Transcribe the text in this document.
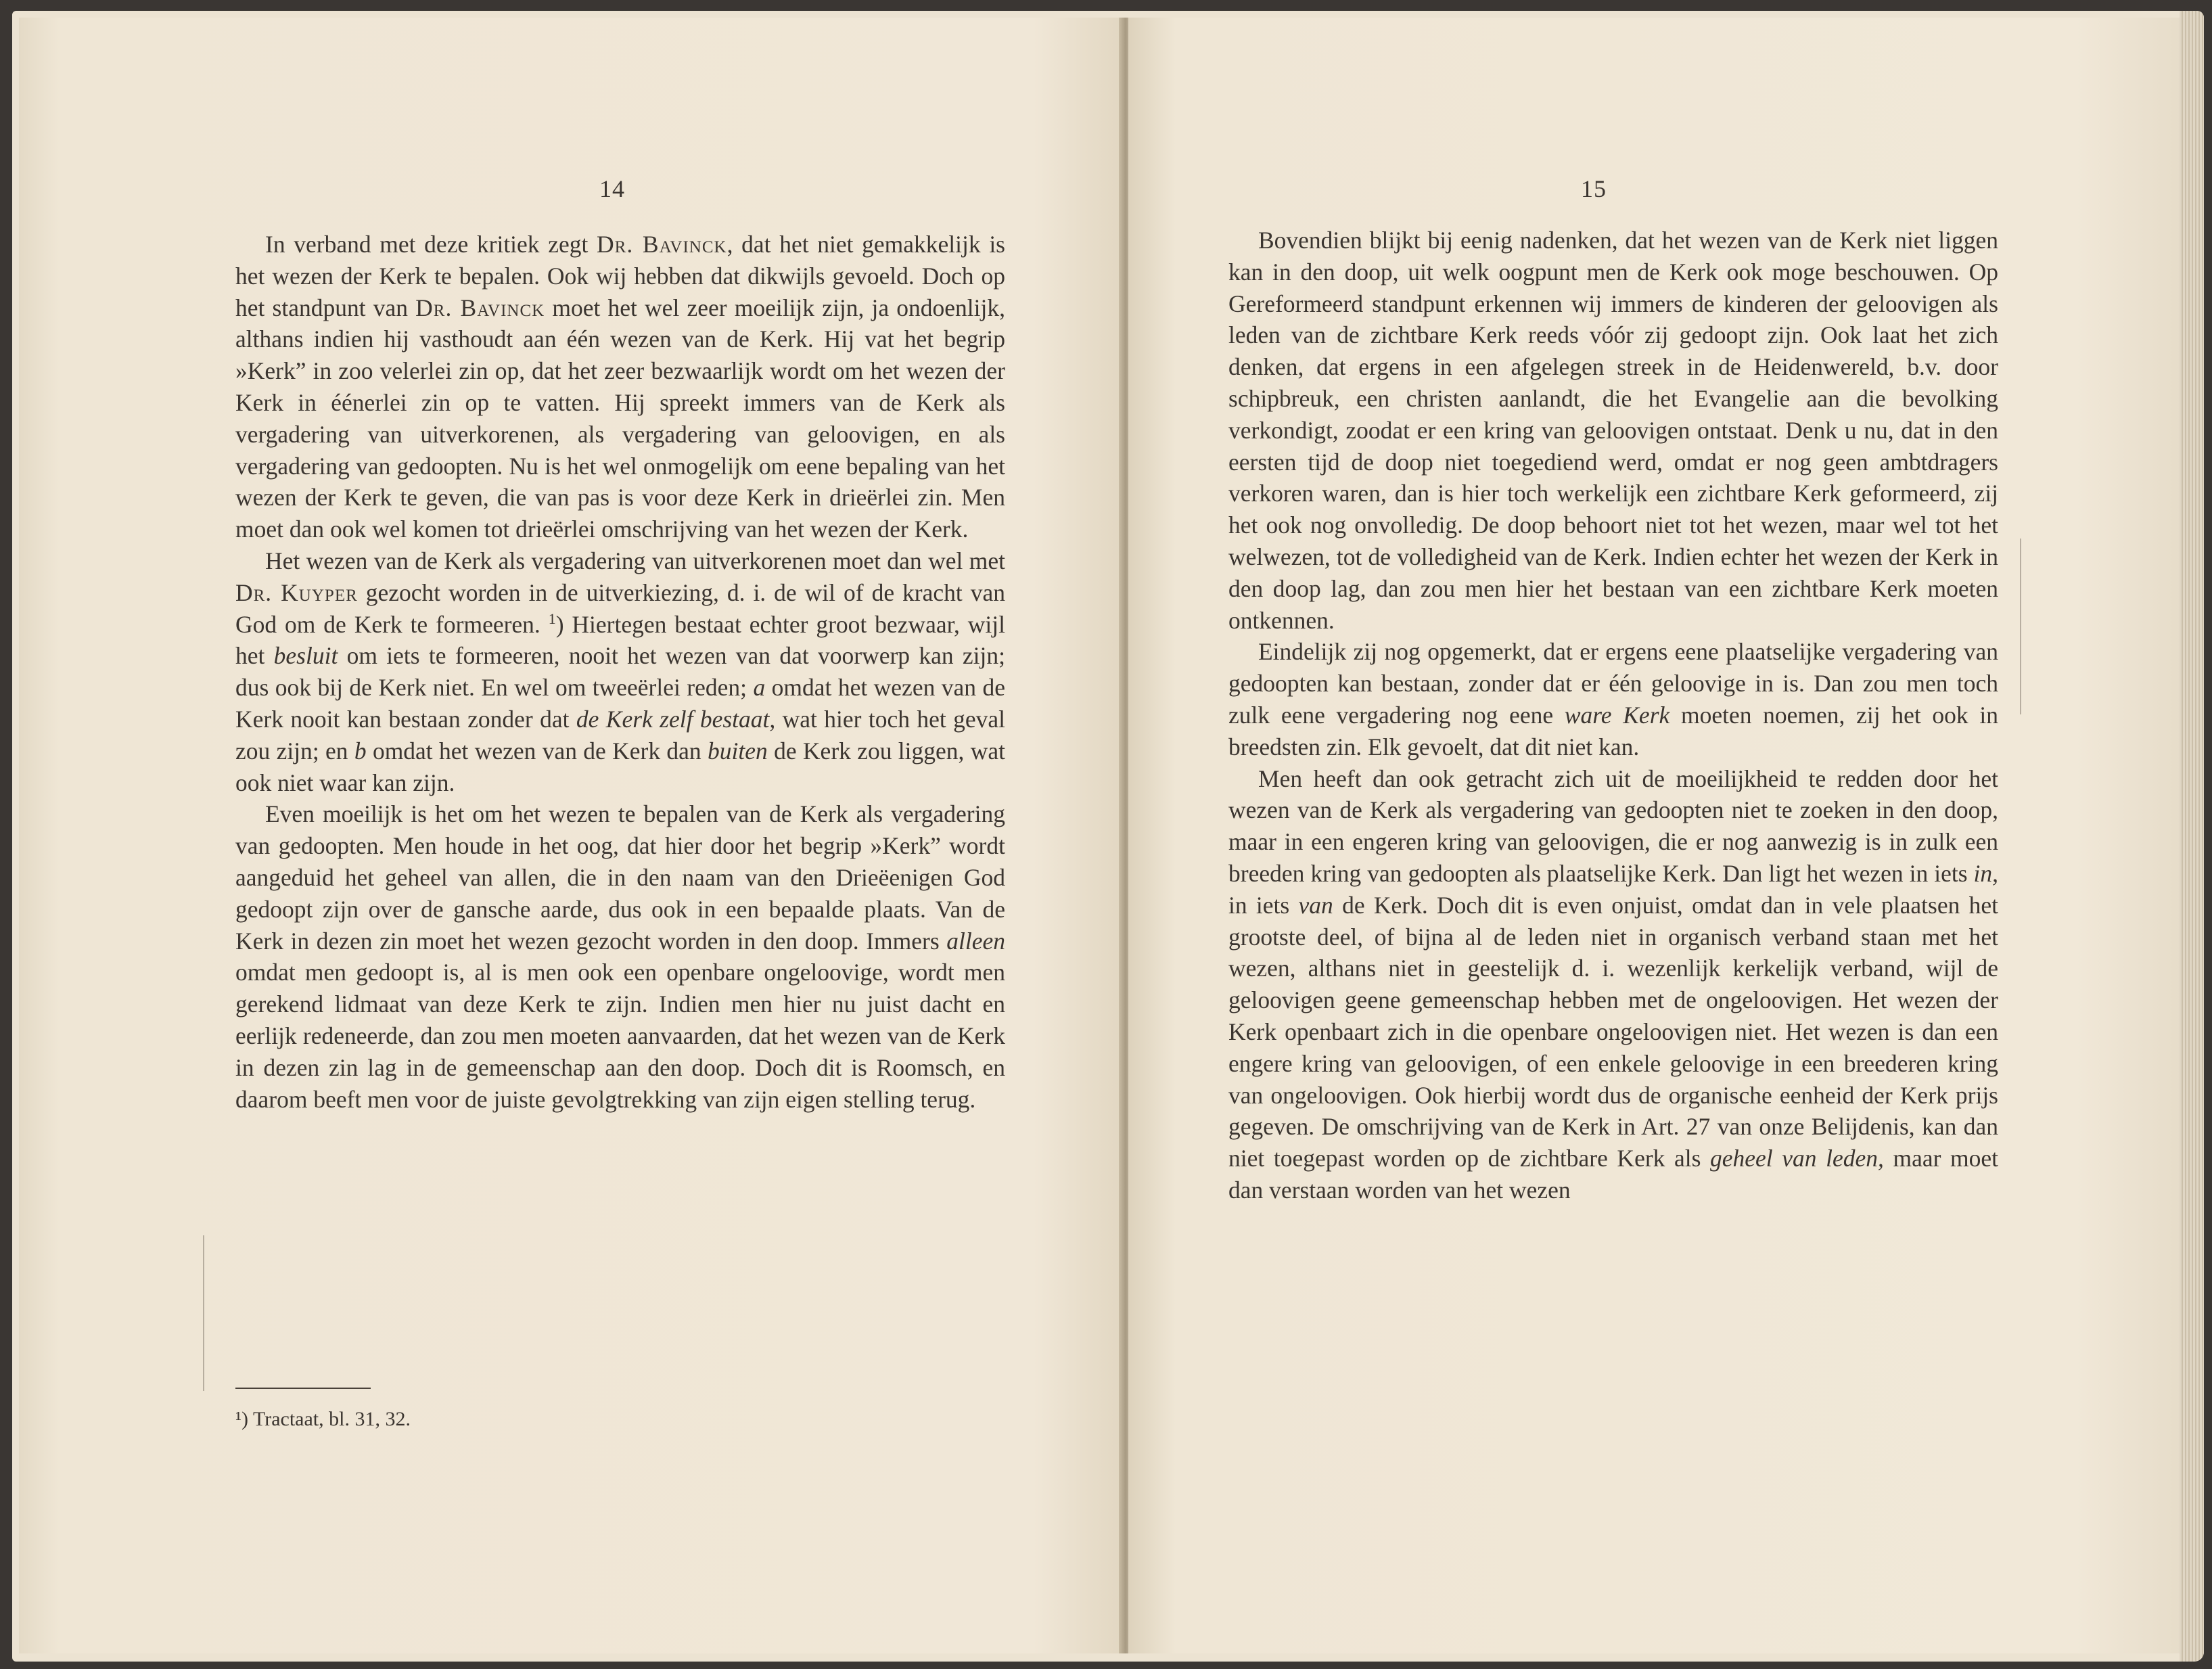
14

In verband met deze kritiek zegt Dr. Bavinck, dat het niet gemakkelijk is het wezen der Kerk te bepalen. Ook wij hebben dat dikwijls gevoeld. Doch op het standpunt van Dr. Bavinck moet het wel zeer moeilijk zijn, ja ondoenlijk, althans indien hij vasthoudt aan één wezen van de Kerk. Hij vat het begrip »Kerk” in zoo velerlei zin op, dat het zeer bezwaarlijk wordt om het wezen der Kerk in éénerlei zin op te vatten. Hij spreekt immers van de Kerk als vergadering van uitverkorenen, als vergadering van geloovigen, en als vergadering van gedoopten. Nu is het wel onmogelijk om eene bepaling van het wezen der Kerk te geven, die van pas is voor deze Kerk in drieërlei zin. Men moet dan ook wel komen tot drieërlei omschrijving van het wezen der Kerk.

Het wezen van de Kerk als vergadering van uitverkorenen moet dan wel met Dr. Kuyper gezocht worden in de uitverkiezing, d. i. de wil of de kracht van God om de Kerk te formeeren. $^1$) Hiertegen bestaat echter groot bezwaar, wijl het besluit om iets te formeeren, nooit het wezen van dat voorwerp kan zijn; dus ook bij de Kerk niet. En wel om tweeërlei reden; a omdat het wezen van de Kerk nooit kan bestaan zonder dat de Kerk zelf bestaat, wat hier toch het geval zou zijn; en b omdat het wezen van de Kerk dan buiten de Kerk zou liggen, wat ook niet waar kan zijn.

Even moeilijk is het om het wezen te bepalen van de Kerk als vergadering van gedoopten. Men houde in het oog, dat hier door het begrip »Kerk” wordt aangeduid het geheel van allen, die in den naam van den Drieëenigen God gedoopt zijn over de gansche aarde, dus ook in een bepaalde plaats. Van de Kerk in dezen zin moet het wezen gezocht worden in den doop. Immers alleen omdat men gedoopt is, al is men ook een openbare ongeloovige, wordt men gerekend lidmaat van deze Kerk te zijn. Indien men hier nu juist dacht en eerlijk redeneerde, dan zou men moeten aanvaarden, dat het wezen van de Kerk in dezen zin lag in de gemeenschap aan den doop. Doch dit is Roomsch, en daarom beeft men voor de juiste gevolgtrekking van zijn eigen stelling terug.

¹) Tractaat, bl. 31, 32.
15

Bovendien blijkt bij eenig nadenken, dat het wezen van de Kerk niet liggen kan in den doop, uit welk oogpunt men de Kerk ook moge beschouwen. Op Gereformeerd standpunt erkennen wij immers de kinderen der geloovigen als leden van de zichtbare Kerk reeds vóór zij gedoopt zijn. Ook laat het zich denken, dat ergens in een afgelegen streek in de Heidenwereld, b.v. door schipbreuk, een christen aanlandt, die het Evangelie aan die bevolking verkondigt, zoodat er een kring van geloovigen ontstaat. Denk u nu, dat in den eersten tijd de doop niet toegediend werd, omdat er nog geen ambtdragers verkoren waren, dan is hier toch werkelijk een zichtbare Kerk geformeerd, zij het ook nog onvolledig. De doop behoort niet tot het wezen, maar wel tot het welwezen, tot de volledigheid van de Kerk. Indien echter het wezen der Kerk in den doop lag, dan zou men hier het bestaan van een zichtbare Kerk moeten ontkennen.

Eindelijk zij nog opgemerkt, dat er ergens eene plaatselijke vergadering van gedoopten kan bestaan, zonder dat er één geloovige in is. Dan zou men toch zulk eene vergadering nog eene ware Kerk moeten noemen, zij het ook in breedsten zin. Elk gevoelt, dat dit niet kan.

Men heeft dan ook getracht zich uit de moeilijkheid te redden door het wezen van de Kerk als vergadering van gedoopten niet te zoeken in den doop, maar in een engeren kring van geloovigen, die er nog aanwezig is in zulk een breeden kring van gedoopten als plaatselijke Kerk. Dan ligt het wezen in iets in, in iets van de Kerk. Doch dit is even onjuist, omdat dan in vele plaatsen het grootste deel, of bijna al de leden niet in organisch verband staan met het wezen, althans niet in geestelijk d. i. wezenlijk kerkelijk verband, wijl de geloovigen geene gemeenschap hebben met de ongeloovigen. Het wezen der Kerk openbaart zich in die openbare ongeloovigen niet. Het wezen is dan een engere kring van geloovigen, of een enkele geloovige in een breederen kring van ongeloovigen. Ook hierbij wordt dus de organische eenheid der Kerk prijs gegeven. De omschrijving van de Kerk in Art. 27 van onze Belijdenis, kan dan niet toegepast worden op de zichtbare Kerk als geheel van leden, maar moet dan verstaan worden van het wezen
